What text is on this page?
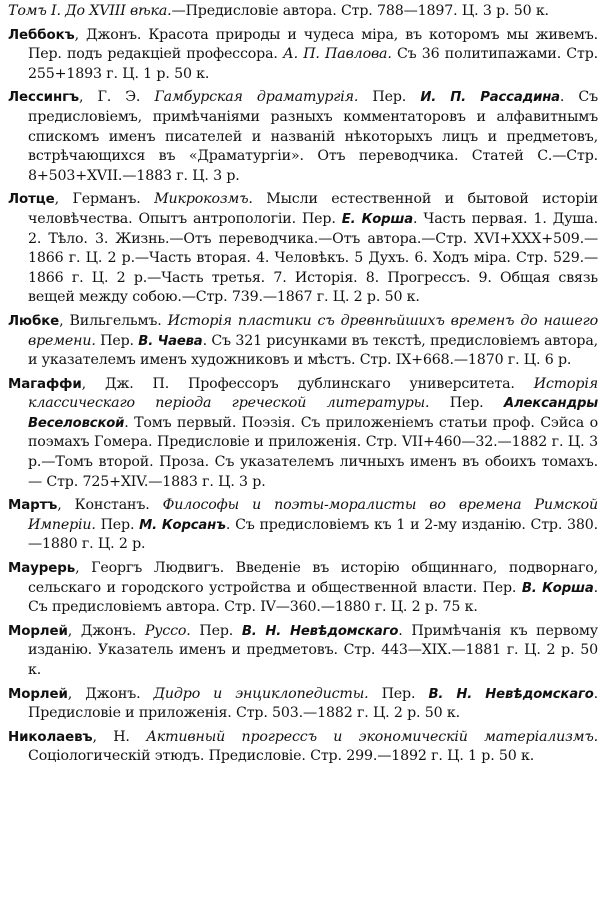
Томъ I. До XVIII вѣка.—Предисловіе автора. Стр. 788—1897. Ц. 3 р. 50 к.

Леббокъ, Джонъ. Красота природы и чудеса міра, въ которомъ мы живемъ. Пер. подъ редакціей профессора. А. П. Павлова. Съ 36 политипажами. Стр. 255+1893 г. Ц. 1 р. 50 к.

Лессингъ, Г. Э. Гамбурская драматургія. Пер. И. П. Рассадина. Съ предисловіемъ, примѣчаніями разныхъ комментаторовъ и алфавитнымъ спискомъ именъ писателей и названій нѣкоторыхъ лицъ и предметовъ, встрѣчающихся въ «Драматургіи». Отъ переводчика. Статей С.—Стр. 8+503+XVII.—1883 г. Ц. 3 р.

Лотце, Германъ. Микрокозмъ. Мысли естественной и бытовой исторіи человѣчества. Опытъ антропологіи. Пер. Е. Корша. Часть первая. 1. Душа. 2. Тѣло. 3. Жизнь.—Отъ переводчика.—Отъ автора.—Стр. XVI+XXX+509.—1866 г. Ц. 2 р.—Часть вторая. 4. Человѣкъ. 5 Духъ. 6. Ходъ міра. Стр. 529.—1866 г. Ц. 2 р.—Часть третья. 7. Исторія. 8. Прогрессъ. 9. Общая связь вещей между собою.—Стр. 739.—1867 г. Ц. 2 р. 50 к.

Любке, Вильгельмъ. Исторія пластики съ древнѣйшихъ временъ до нашего времени. Пер. В. Чаева. Съ 321 рисунками въ текстѣ, предисловіемъ автора, и указателемъ именъ художниковъ и мѣстъ. Стр. IX+668.—1870 г. Ц. 6 р.

Магаффи, Дж. П. Профессоръ дублинскаго университета. Исторія классическаго періода греческой литературы. Пер. Александры Веселовской. Томъ первый. Поэзія. Съ приложеніемъ статьи проф. Сэйса о поэмахъ Гомера. Предисловіе и приложенія. Стр. VII+460—32.—1882 г. Ц. 3 р.—Томъ второй. Проза. Съ указателемъ личныхъ именъ въ обоихъ томахъ. — Стр. 725+XIV.—1883 г. Ц. 3 р.

Мартъ, Констанъ. Философы и поэты-моралисты во времена Римской Имперіи. Пер. М. Корсанъ. Съ предисловіемъ къ 1 и 2-му изданію. Стр. 380.—1880 г. Ц. 2 р.

Маурерь, Георгъ Людвигъ. Введеніе въ исторію общиннаго, подворнаго, сельскаго и городского устройства и общественной власти. Пер. В. Корша. Съ предисловіемъ автора. Стр. IV—360.—1880 г. Ц. 2 р. 75 к.

Морлей, Джонъ. Руссо. Пер. В. Н. Невѣдомскаго. Примѣчанія къ первому изданію. Указатель именъ и предметовъ. Стр. 443—XIX.—1881 г. Ц. 2 р. 50 к.

Морлей, Джонъ. Дидро и энциклопедисты. Пер. В. Н. Невѣдомскаго. Предисловіе и приложенія. Стр. 503.—1882 г. Ц. 2 р. 50 к.

Николаевъ, Н. Активный прогрессъ и экономическій матеріализмъ. Соціологическій этюдъ. Предисловіе. Стр. 299.—1892 г. Ц. 1 р. 50 к.
